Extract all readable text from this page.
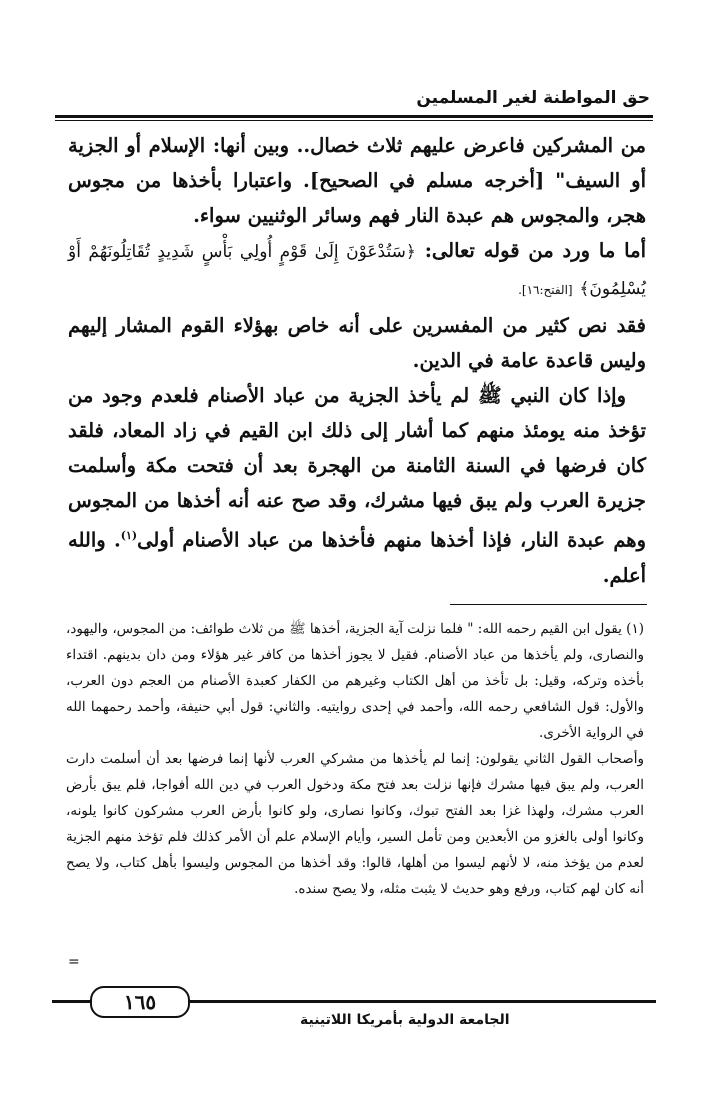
حق المواطنة لغير المسلمين

من المشركين فاعرض عليهم ثلاث خصال.. وبين أنها: الإسلام أو الجزية أو السيف" [أخرجه مسلم في الصحيح]. واعتبارا بأخذها من مجوس هجر، والمجوس هم عبدة النار فهم وسائر الوثنيين سواء.

أما ما ورد من قوله تعالى: ﴿سَتُدْعَوْنَ إِلَىٰ قَوْمٍ أُولِي بَأْسٍ شَدِيدٍ تُقَاتِلُونَهُمْ أَوْ يُسْلِمُونَ﴾ [الفتح:١٦].

فقد نص كثير من المفسرين على أنه خاص بهؤلاء القوم المشار إليهم وليس قاعدة عامة في الدين.

وإذا كان النبي ﷺ لم يأخذ الجزية من عباد الأصنام فلعدم وجود من تؤخذ منه يومئذ منهم كما أشار إلى ذلك ابن القيم في زاد المعاد، فلقد كان فرضها في السنة الثامنة من الهجرة بعد أن فتحت مكة وأسلمت جزيرة العرب ولم يبق فيها مشرك، وقد صح عنه أنه أخذها من المجوس وهم عبدة النار، فإذا أخذها منهم فأخذها من عباد الأصنام أولى$^{(١)}$. والله أعلم.

(١) يقول ابن القيم رحمه الله: " فلما نزلت آية الجزية، أخذها ﷺ من ثلاث طوائف: من المجوس، واليهود، والنصارى، ولم يأخذها من عباد الأصنام. فقيل لا يجوز أخذها من كافر غير هؤلاء ومن دان بدينهم. اقتداء بأخذه وتركه، وقيل: بل تأخذ من أهل الكتاب وغيرهم من الكفار كعبدة الأصنام من العجم دون العرب، والأول: قول الشافعي رحمه الله، وأحمد في إحدى روايتيه. والثاني: قول أبي حنيفة، وأحمد رحمهما الله في الرواية الأخرى.

وأصحاب القول الثاني يقولون: إنما لم يأخذها من مشركي العرب لأنها إنما فرضها بعد أن أسلمت دارت العرب، ولم يبق فيها مشرك فإنها نزلت بعد فتح مكة ودخول العرب في دين الله أفواجا، فلم يبق بأرض العرب مشرك، ولهذا غزا بعد الفتح تبوك، وكانوا نصارى، ولو كانوا بأرض العرب مشركون كانوا يلونه، وكانوا أولى بالغزو من الأبعدين ومن تأمل السير، وأيام الإسلام علم أن الأمر كذلك فلم تؤخذ منهم الجزية لعدم من يؤخذ منه، لا لأنهم ليسوا من أهلها، قالوا: وقد أخذها من المجوس وليسوا بأهل كتاب، ولا يصح أنه كان لهم كتاب، ورفع وهو حديث لا يثبت مثله، ولا يصح سنده.

=
١٦٥
الجامعة الدولية بأمريكا اللاتينية
